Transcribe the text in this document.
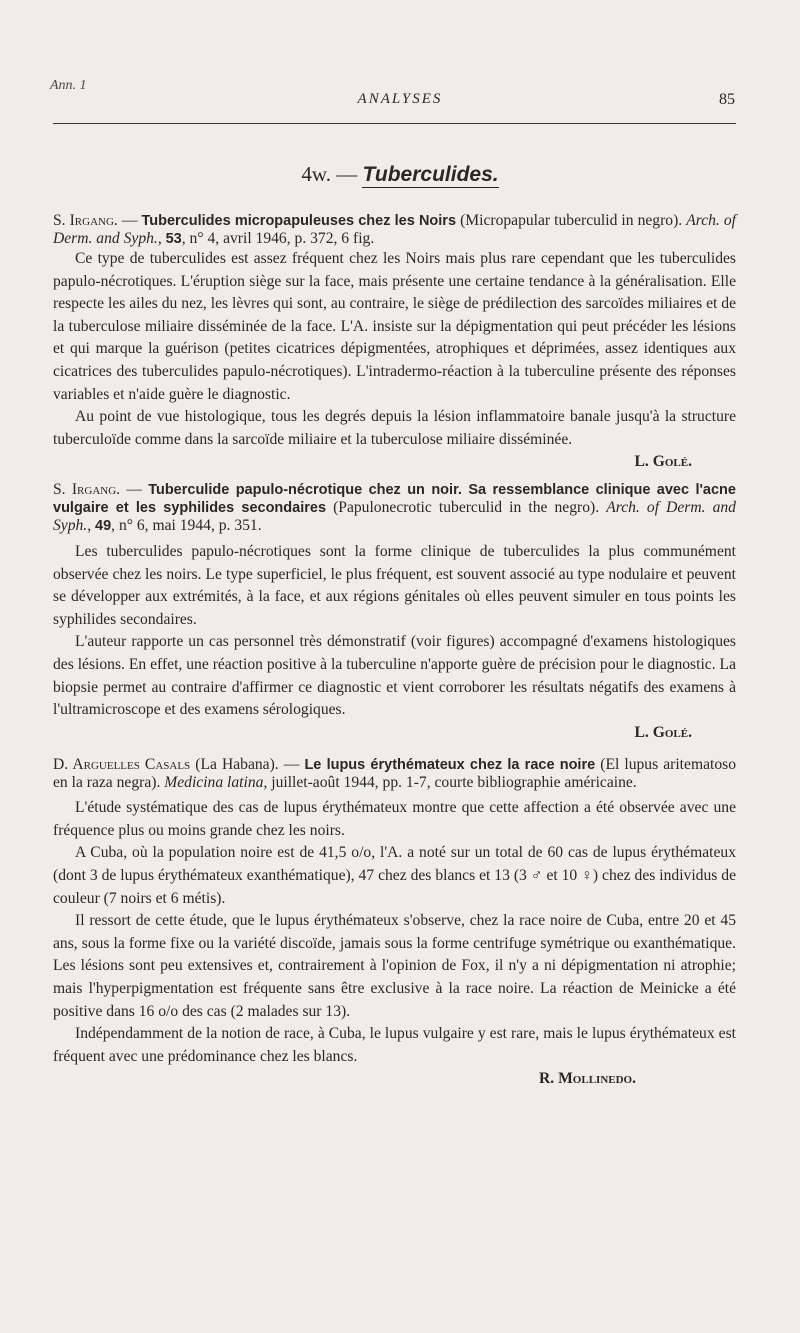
Ann. 1
ANALYSES	85
4w. — Tuberculides.

S. Irgang. — Tuberculides micropapuleuses chez les Noirs (Micropapular tuberculid in negro). Arch. of Derm. and Syph., 53, n° 4, avril 1946, p. 372, 6 fig.

Ce type de tuberculides est assez fréquent chez les Noirs mais plus rare cependant que les tuberculides papulo-nécrotiques. L'éruption siège sur la face, mais présente une certaine tendance à la généralisation. Elle respecte les ailes du nez, les lèvres qui sont, au contraire, le siège de prédilection des sarcoïdes miliaires et de la tuberculose miliaire disséminée de la face. L'A. insiste sur la dépigmentation qui peut précéder les lésions et qui marque la guérison (petites cicatrices dépigmentées, atrophiques et déprimées, assez identiques aux cicatrices des tuberculides papulo-nécrotiques). L'intradermo-réaction à la tuberculine présente des réponses variables et n'aide guère le diagnostic.

Au point de vue histologique, tous les degrés depuis la lésion inflammatoire banale jusqu'à la structure tuberculoïde comme dans la sarcoïde miliaire et la tuberculose miliaire disséminée.

L. Golé.

S. Irgang. — Tuberculide papulo-nécrotique chez un noir. Sa ressemblance clinique avec l'acne vulgaire et les syphilides secondaires (Papulonecrotic tuberculid in the negro). Arch. of Derm. and Syph., 49, n° 6, mai 1944, p. 351.

Les tuberculides papulo-nécrotiques sont la forme clinique de tuberculides la plus communément observée chez les noirs. Le type superficiel, le plus fréquent, est souvent associé au type nodulaire et peuvent se développer aux extrémités, à la face, et aux régions génitales où elles peuvent simuler en tous points les syphilides secondaires.

L'auteur rapporte un cas personnel très démonstratif (voir figures) accompagné d'examens histologiques des lésions. En effet, une réaction positive à la tuberculine n'apporte guère de précision pour le diagnostic. La biopsie permet au contraire d'affirmer ce diagnostic et vient corroborer les résultats négatifs des examens à l'ultramicroscope et des examens sérologiques.

L. Golé.

D. Arguelles Casals (La Habana). — Le lupus érythémateux chez la race noire (El lupus aritematoso en la raza negra). Medicina latina, juillet-août 1944, pp. 1-7, courte bibliographie américaine.

L'étude systématique des cas de lupus érythémateux montre que cette affection a été observée avec une fréquence plus ou moins grande chez les noirs.

A Cuba, où la population noire est de 41,5 o/o, l'A. a noté sur un total de 60 cas de lupus érythémateux (dont 3 de lupus érythémateux exanthématique), 47 chez des blancs et 13 (3 ♂ et 10 ♀) chez des individus de couleur (7 noirs et 6 métis).

Il ressort de cette étude, que le lupus érythémateux s'observe, chez la race noire de Cuba, entre 20 et 45 ans, sous la forme fixe ou la variété discoïde, jamais sous la forme centrifuge symétrique ou exanthématique. Les lésions sont peu extensives et, contrairement à l'opinion de Fox, il n'y a ni dépigmentation ni atrophie; mais l'hyperpigmentation est fréquente sans être exclusive à la race noire. La réaction de Meinicke a été positive dans 16 o/o des cas (2 malades sur 13).

Indépendamment de la notion de race, à Cuba, le lupus vulgaire y est rare, mais le lupus érythémateux est fréquent avec une prédominance chez les blancs.

R. Mollinedo.
